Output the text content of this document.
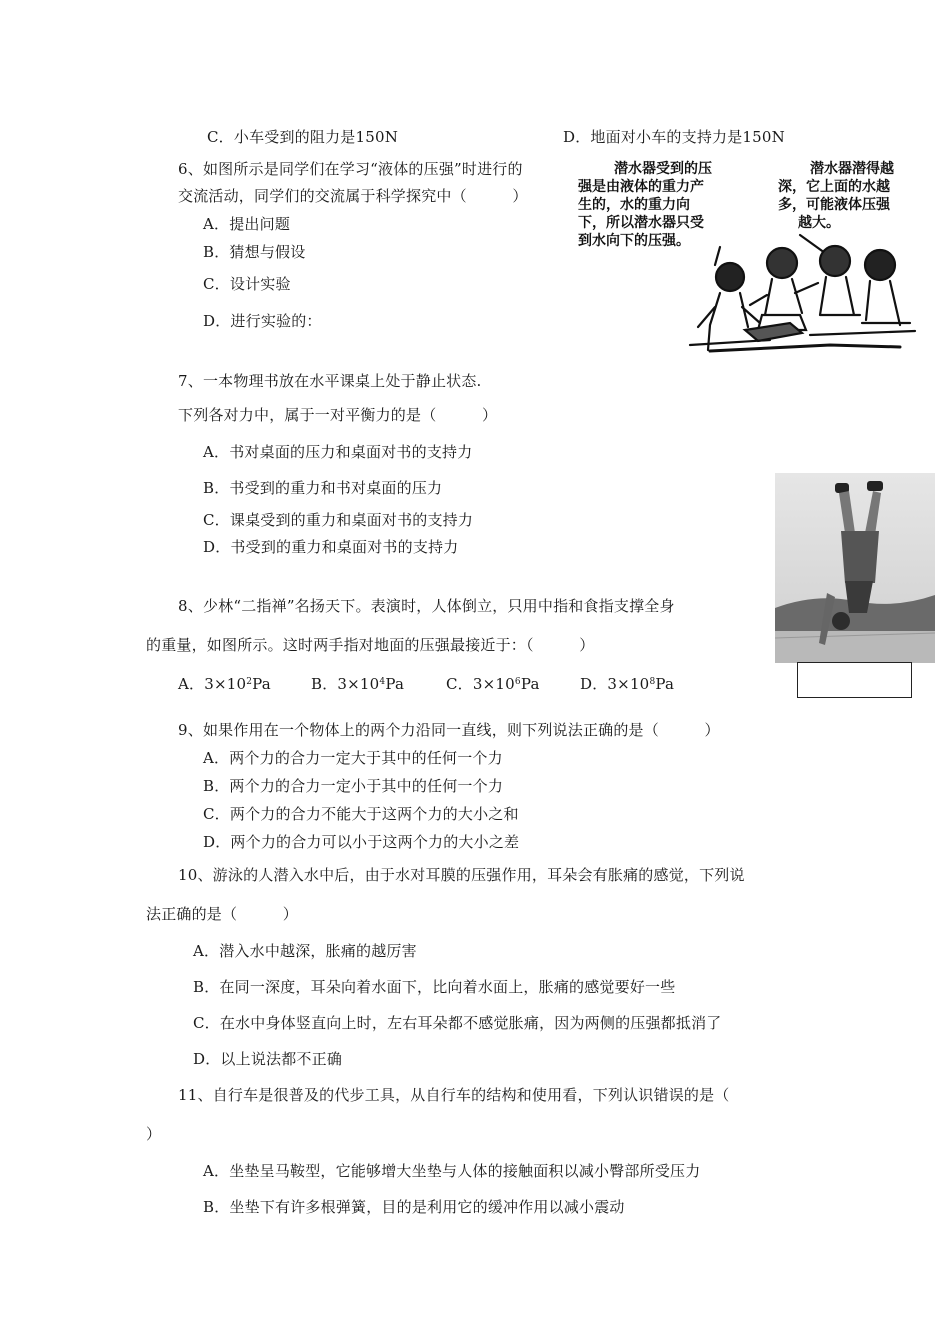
C．小车受到的阻力是150N	D．地面对小车的支持力是150N
6、如图所示是同学们在学习“液体的压强”时进行的
交流活动，同学们的交流属于科学探究中（　　　）
A．提出问题
B．猜想与假设
C．设计实验
D．进行实验的：
潜水器受到的压
强是由液体的重力产
生的，水的重力向
下，所以潜水器只受
到水向下的压强。
潜水器潜得越
深，它上面的水越
多，可能液体压强
越大。
7、一本物理书放在水平课桌上处于静止状态.
下列各对力中，属于一对平衡力的是（　　　）
A．书对桌面的压力和桌面对书的支持力
B．书受到的重力和书对桌面的压力
C．课桌受到的重力和桌面对书的支持力
D．书受到的重力和桌面对书的支持力
8、少林“二指禅”名扬天下。表演时，人体倒立，只用中指和食指支撑全身
的重量，如图所示。这时两手指对地面的压强最接近于：（　　　）
A．$3\times 10^2Pa$	B．$3\times 10^4Pa$	C．$3\times 10^6Pa$	D．$3\times 10^8Pa$
9、如果作用在一个物体上的两个力沿同一直线，则下列说法正确的是（　　　）
A．两个力的合力一定大于其中的任何一个力
B．两个力的合力一定小于其中的任何一个力
C．两个力的合力不能大于这两个力的大小之和
D．两个力的合力可以小于这两个力的大小之差
10、游泳的人潜入水中后，由于水对耳膜的压强作用，耳朵会有胀痛的感觉，下列说
法正确的是（　　　）
A．潜入水中越深，胀痛的越厉害
B．在同一深度，耳朵向着水面下，比向着水面上，胀痛的感觉要好一些
C．在水中身体竖直向上时，左右耳朵都不感觉胀痛，因为两侧的压强都抵消了
D．以上说法都不正确
11、自行车是很普及的代步工具，从自行车的结构和使用看，下列认识错误的是（
）
A．坐垫呈马鞍型，它能够增大坐垫与人体的接触面积以减小臀部所受压力
B．坐垫下有许多根弹簧，目的是利用它的缓冲作用以减小震动
